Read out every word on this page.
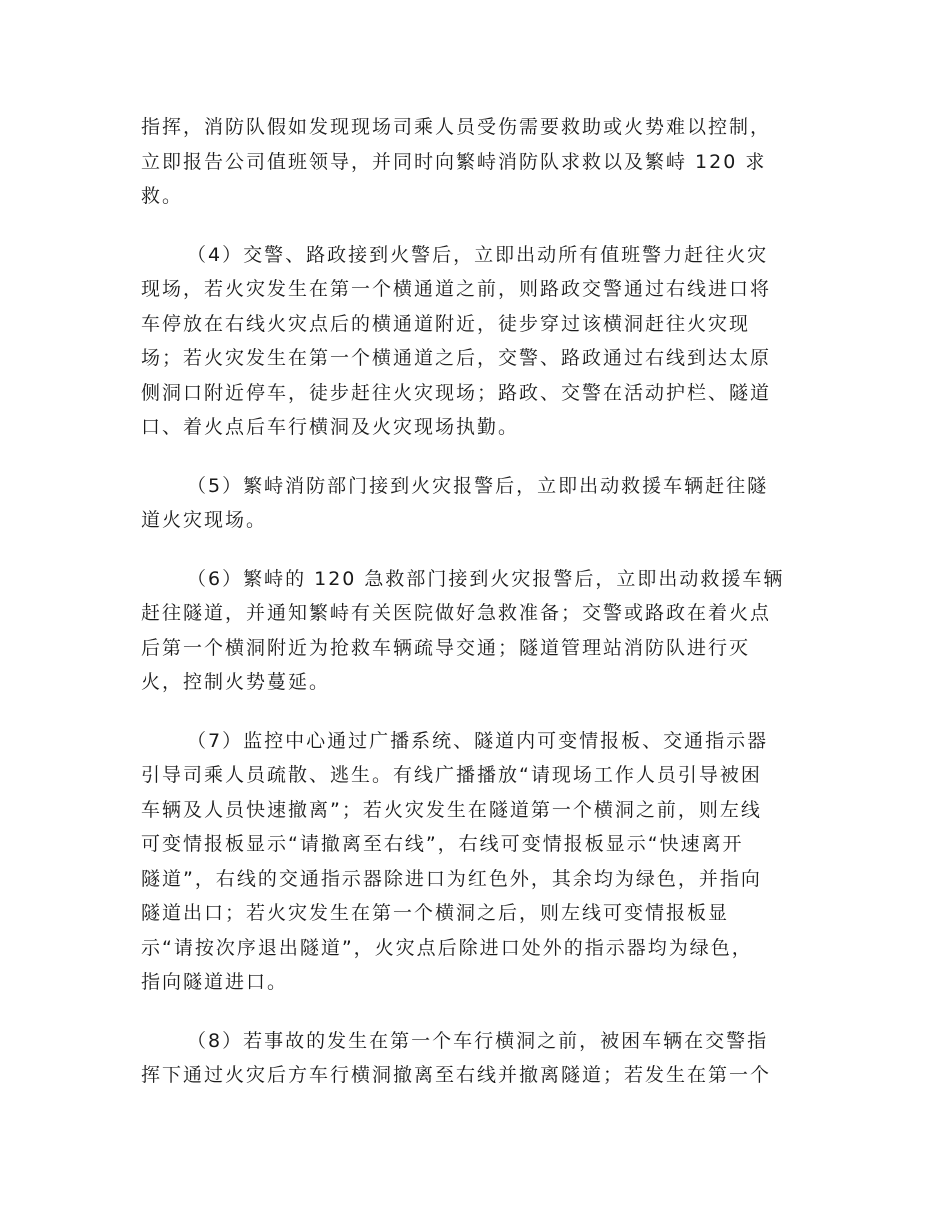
指挥，消防队假如发现现场司乘人员受伤需要救助或火势难以控制，
立即报告公司值班领导，并同时向繁峙消防队求救以及繁峙 120 求
救。

（4）交警、路政接到火警后，立即出动所有值班警力赶往火灾
现场，若火灾发生在第一个横通道之前，则路政交警通过右线进口将
车停放在右线火灾点后的横通道附近，徒步穿过该横洞赶往火灾现
场；若火灾发生在第一个横通道之后，交警、路政通过右线到达太原
侧洞口附近停车，徒步赶往火灾现场；路政、交警在活动护栏、隧道
口、着火点后车行横洞及火灾现场执勤。

（5）繁峙消防部门接到火灾报警后，立即出动救援车辆赶往隧
道火灾现场。

（6）繁峙的 120 急救部门接到火灾报警后，立即出动救援车辆
赶往隧道，并通知繁峙有关医院做好急救准备；交警或路政在着火点
后第一个横洞附近为抢救车辆疏导交通；隧道管理站消防队进行灭
火，控制火势蔓延。

（7）监控中心通过广播系统、隧道内可变情报板、交通指示器
引导司乘人员疏散、逃生。有线广播播放“请现场工作人员引导被困
车辆及人员快速撤离”；若火灾发生在隧道第一个横洞之前，则左线
可变情报板显示“请撤离至右线”，右线可变情报板显示“快速离开
隧道”，右线的交通指示器除进口为红色外，其余均为绿色，并指向
隧道出口；若火灾发生在第一个横洞之后，则左线可变情报板显
示“请按次序退出隧道”，火灾点后除进口处外的指示器均为绿色，
指向隧道进口。

（8）若事故的发生在第一个车行横洞之前，被困车辆在交警指
挥下通过火灾后方车行横洞撤离至右线并撤离隧道；若发生在第一个
